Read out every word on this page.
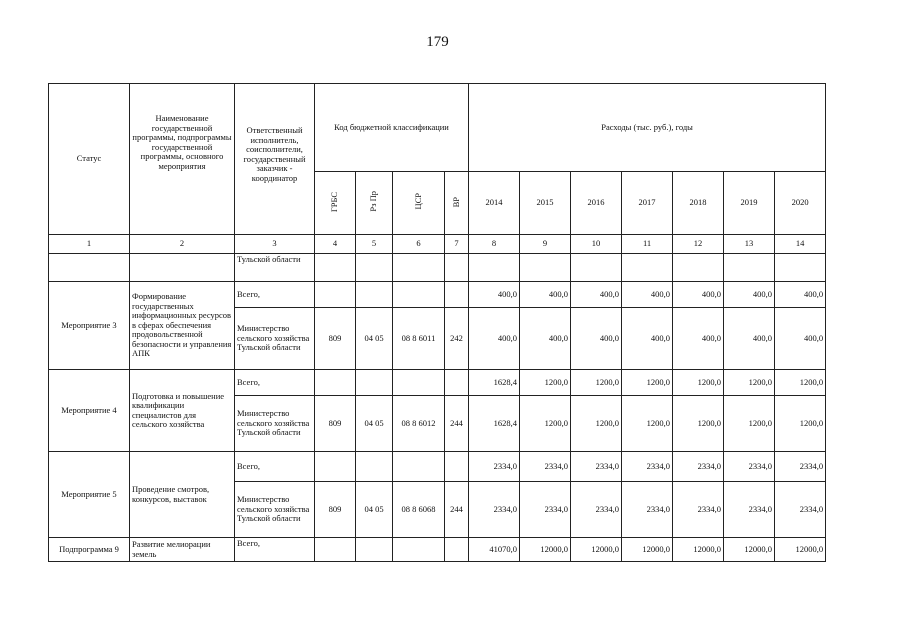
179
Статус	Наименование государственной программы, подпрограммы государственной программы, основного мероприятия	Ответственный исполнитель, соисполнители, государственный заказчик - координатор	Код бюджетной классификации				Расходы (тыс. руб.), годы						
			ГРБС	Рз Пр	ЦСР	ВР	2014	2015	2016	2017	2018	2019	2020
1	2	3	4	5	6	7	8	9	10	11	12	13	14
		Тульской области											
Мероприятие 3	Формирование государственных информационных ресурсов в сферах обеспечения продовольственной безопасности и управления АПК	Всего,					400,0	400,0	400,0	400,0	400,0	400,0	400,0
		Министерство сельского хозяйства Тульской области	809	04 05	08 8 6011	242	400,0	400,0	400,0	400,0	400,0	400,0	400,0
Мероприятие 4	Подготовка и повышение квалификации специалистов для сельского хозяйства	Всего,					1628,4	1200,0	1200,0	1200,0	1200,0	1200,0	1200,0
		Министерство сельского хозяйства Тульской области	809	04 05	08 8 6012	244	1628,4	1200,0	1200,0	1200,0	1200,0	1200,0	1200,0
Мероприятие 5	Проведение смотров, конкурсов, выставок	Всего,					2334,0	2334,0	2334,0	2334,0	2334,0	2334,0	2334,0
		Министерство сельского хозяйства Тульской области	809	04 05	08 8 6068	244	2334,0	2334,0	2334,0	2334,0	2334,0	2334,0	2334,0
Подпрограмма 9	Развитие мелиорации земель	Всего,					41070,0	12000,0	12000,0	12000,0	12000,0	12000,0	12000,0
